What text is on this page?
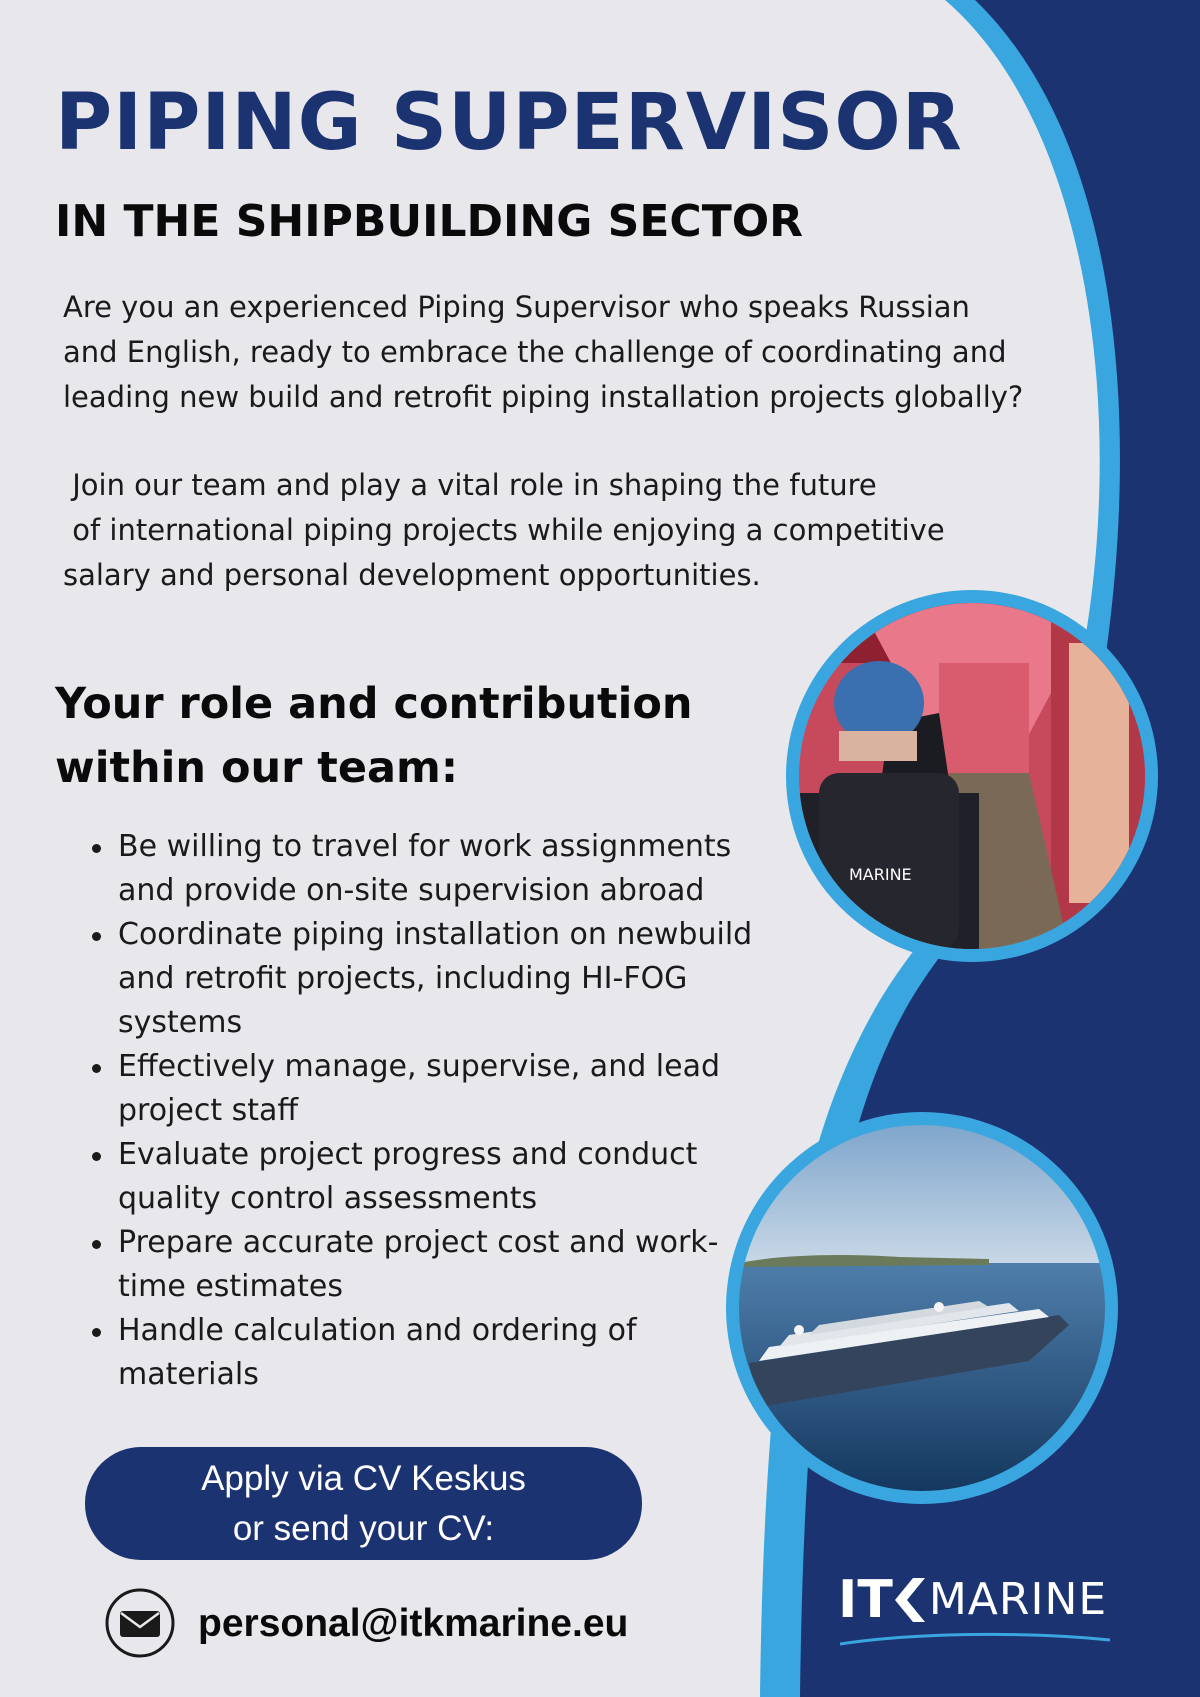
PIPING SUPERVISOR
IN THE SHIPBUILDING SECTOR

Are you an experienced Piping Supervisor who speaks Russian
and English, ready to embrace the challenge of coordinating and
leading new build and retrofit piping installation projects globally?

Join our team and play a vital role in shaping the future
of international piping projects while enjoying a competitive
salary and personal development opportunities.

Your role and contribution within our team:
Be willing to travel for work assignments
and provide on-site supervision abroad
Coordinate piping installation on newbuild
and retrofit projects, including HI-FOG
systems
Effectively manage, supervise, and lead
project staff
Evaluate project progress and conduct
quality control assessments
Prepare accurate project cost and work-
time estimates
Handle calculation and ordering of
materials
MARINE
Apply via CV Keskus
or send your CV:
personal@itkmarine.eu	IT MARINE
